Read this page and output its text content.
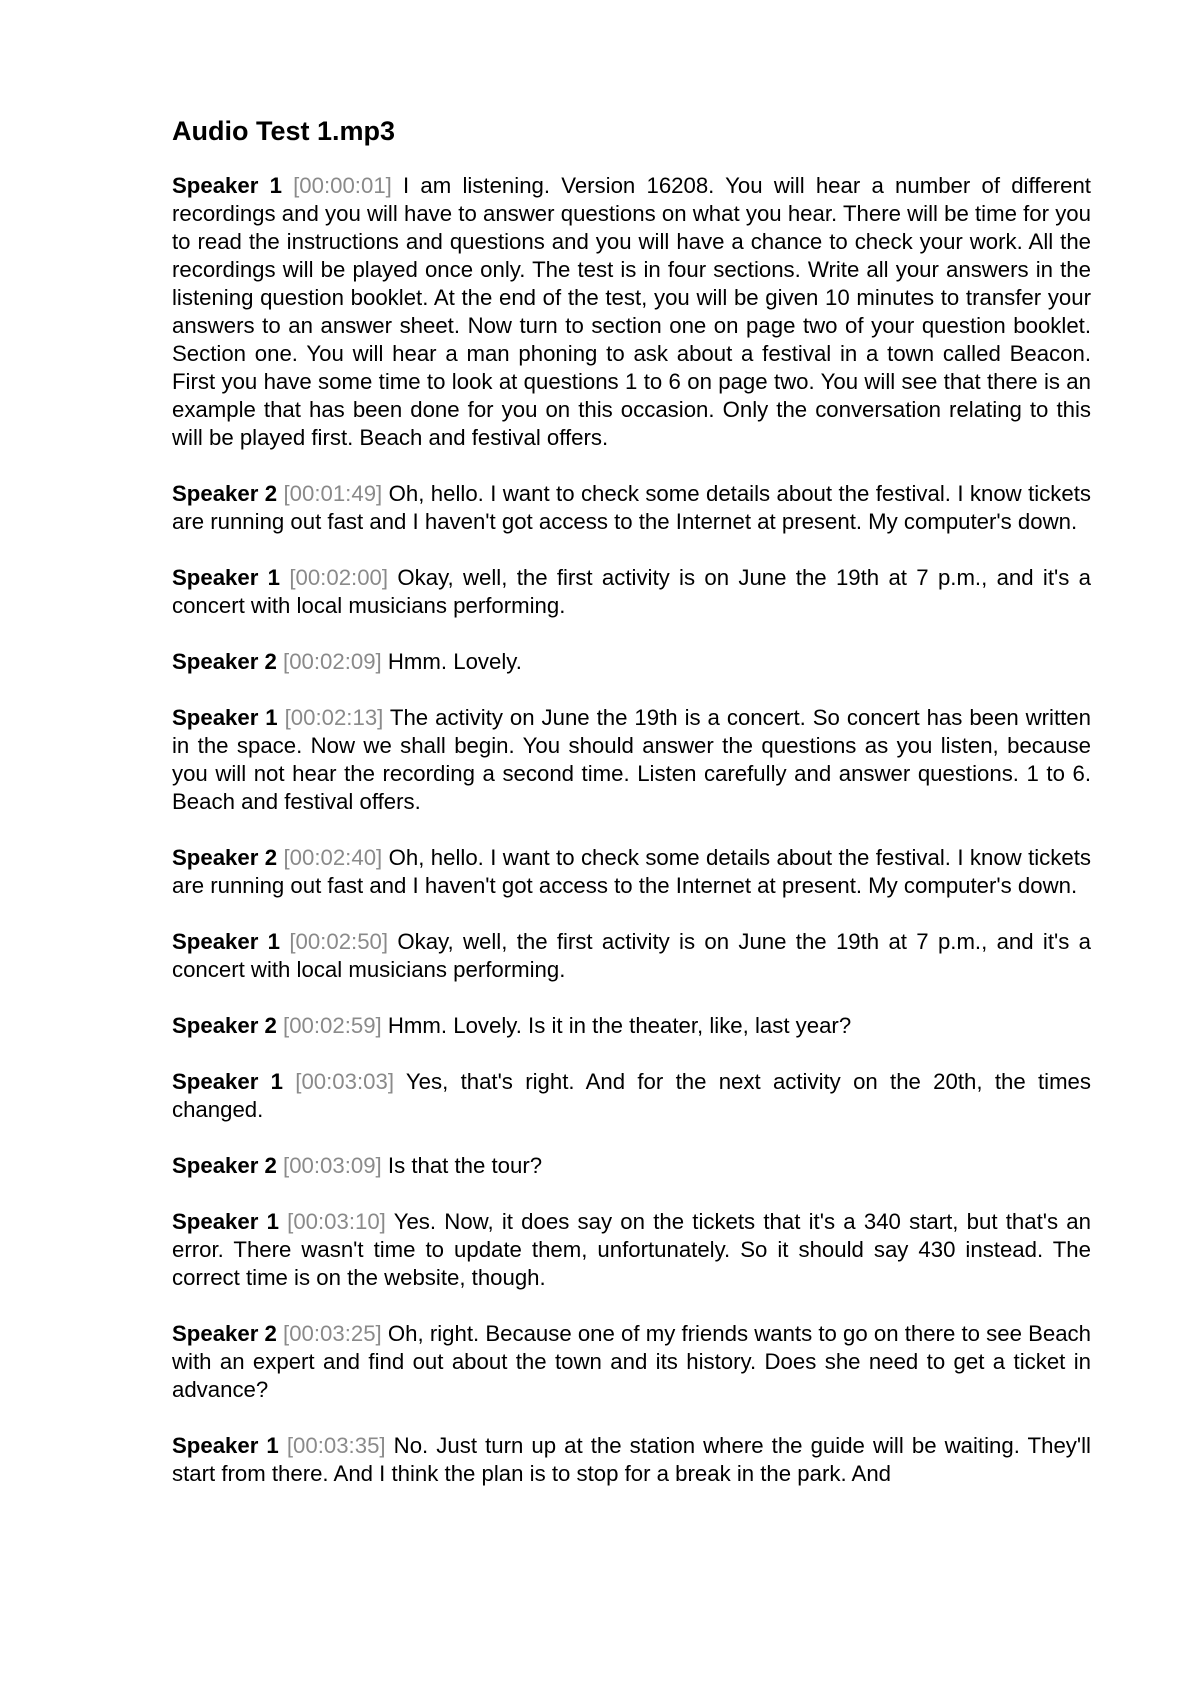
Audio Test 1.mp3

Speaker 1 [00:00:01] I am listening. Version 16208. You will hear a number of different recordings and you will have to answer questions on what you hear. There will be time for you to read the instructions and questions and you will have a chance to check your work. All the recordings will be played once only. The test is in four sections. Write all your answers in the listening question booklet. At the end of the test, you will be given 10 minutes to transfer your answers to an answer sheet. Now turn to section one on page two of your question booklet. Section one. You will hear a man phoning to ask about a festival in a town called Beacon. First you have some time to look at questions 1 to 6 on page two. You will see that there is an example that has been done for you on this occasion. Only the conversation relating to this will be played first. Beach and festival offers.

Speaker 2 [00:01:49] Oh, hello. I want to check some details about the festival. I know tickets are running out fast and I haven't got access to the Internet at present. My computer's down.

Speaker 1 [00:02:00] Okay, well, the first activity is on June the 19th at 7 p.m., and it's a concert with local musicians performing.

Speaker 2 [00:02:09] Hmm. Lovely.

Speaker 1 [00:02:13] The activity on June the 19th is a concert. So concert has been written in the space. Now we shall begin. You should answer the questions as you listen, because you will not hear the recording a second time. Listen carefully and answer questions. 1 to 6. Beach and festival offers.

Speaker 2 [00:02:40] Oh, hello. I want to check some details about the festival. I know tickets are running out fast and I haven't got access to the Internet at present. My computer's down.

Speaker 1 [00:02:50] Okay, well, the first activity is on June the 19th at 7 p.m., and it's a concert with local musicians performing.

Speaker 2 [00:02:59] Hmm. Lovely. Is it in the theater, like, last year?

Speaker 1 [00:03:03] Yes, that's right. And for the next activity on the 20th, the times changed.

Speaker 2 [00:03:09] Is that the tour?

Speaker 1 [00:03:10] Yes. Now, it does say on the tickets that it's a 340 start, but that's an error. There wasn't time to update them, unfortunately. So it should say 430 instead. The correct time is on the website, though.

Speaker 2 [00:03:25] Oh, right. Because one of my friends wants to go on there to see Beach with an expert and find out about the town and its history. Does she need to get a ticket in advance?

Speaker 1 [00:03:35] No. Just turn up at the station where the guide will be waiting. They'll start from there. And I think the plan is to stop for a break in the park. And
